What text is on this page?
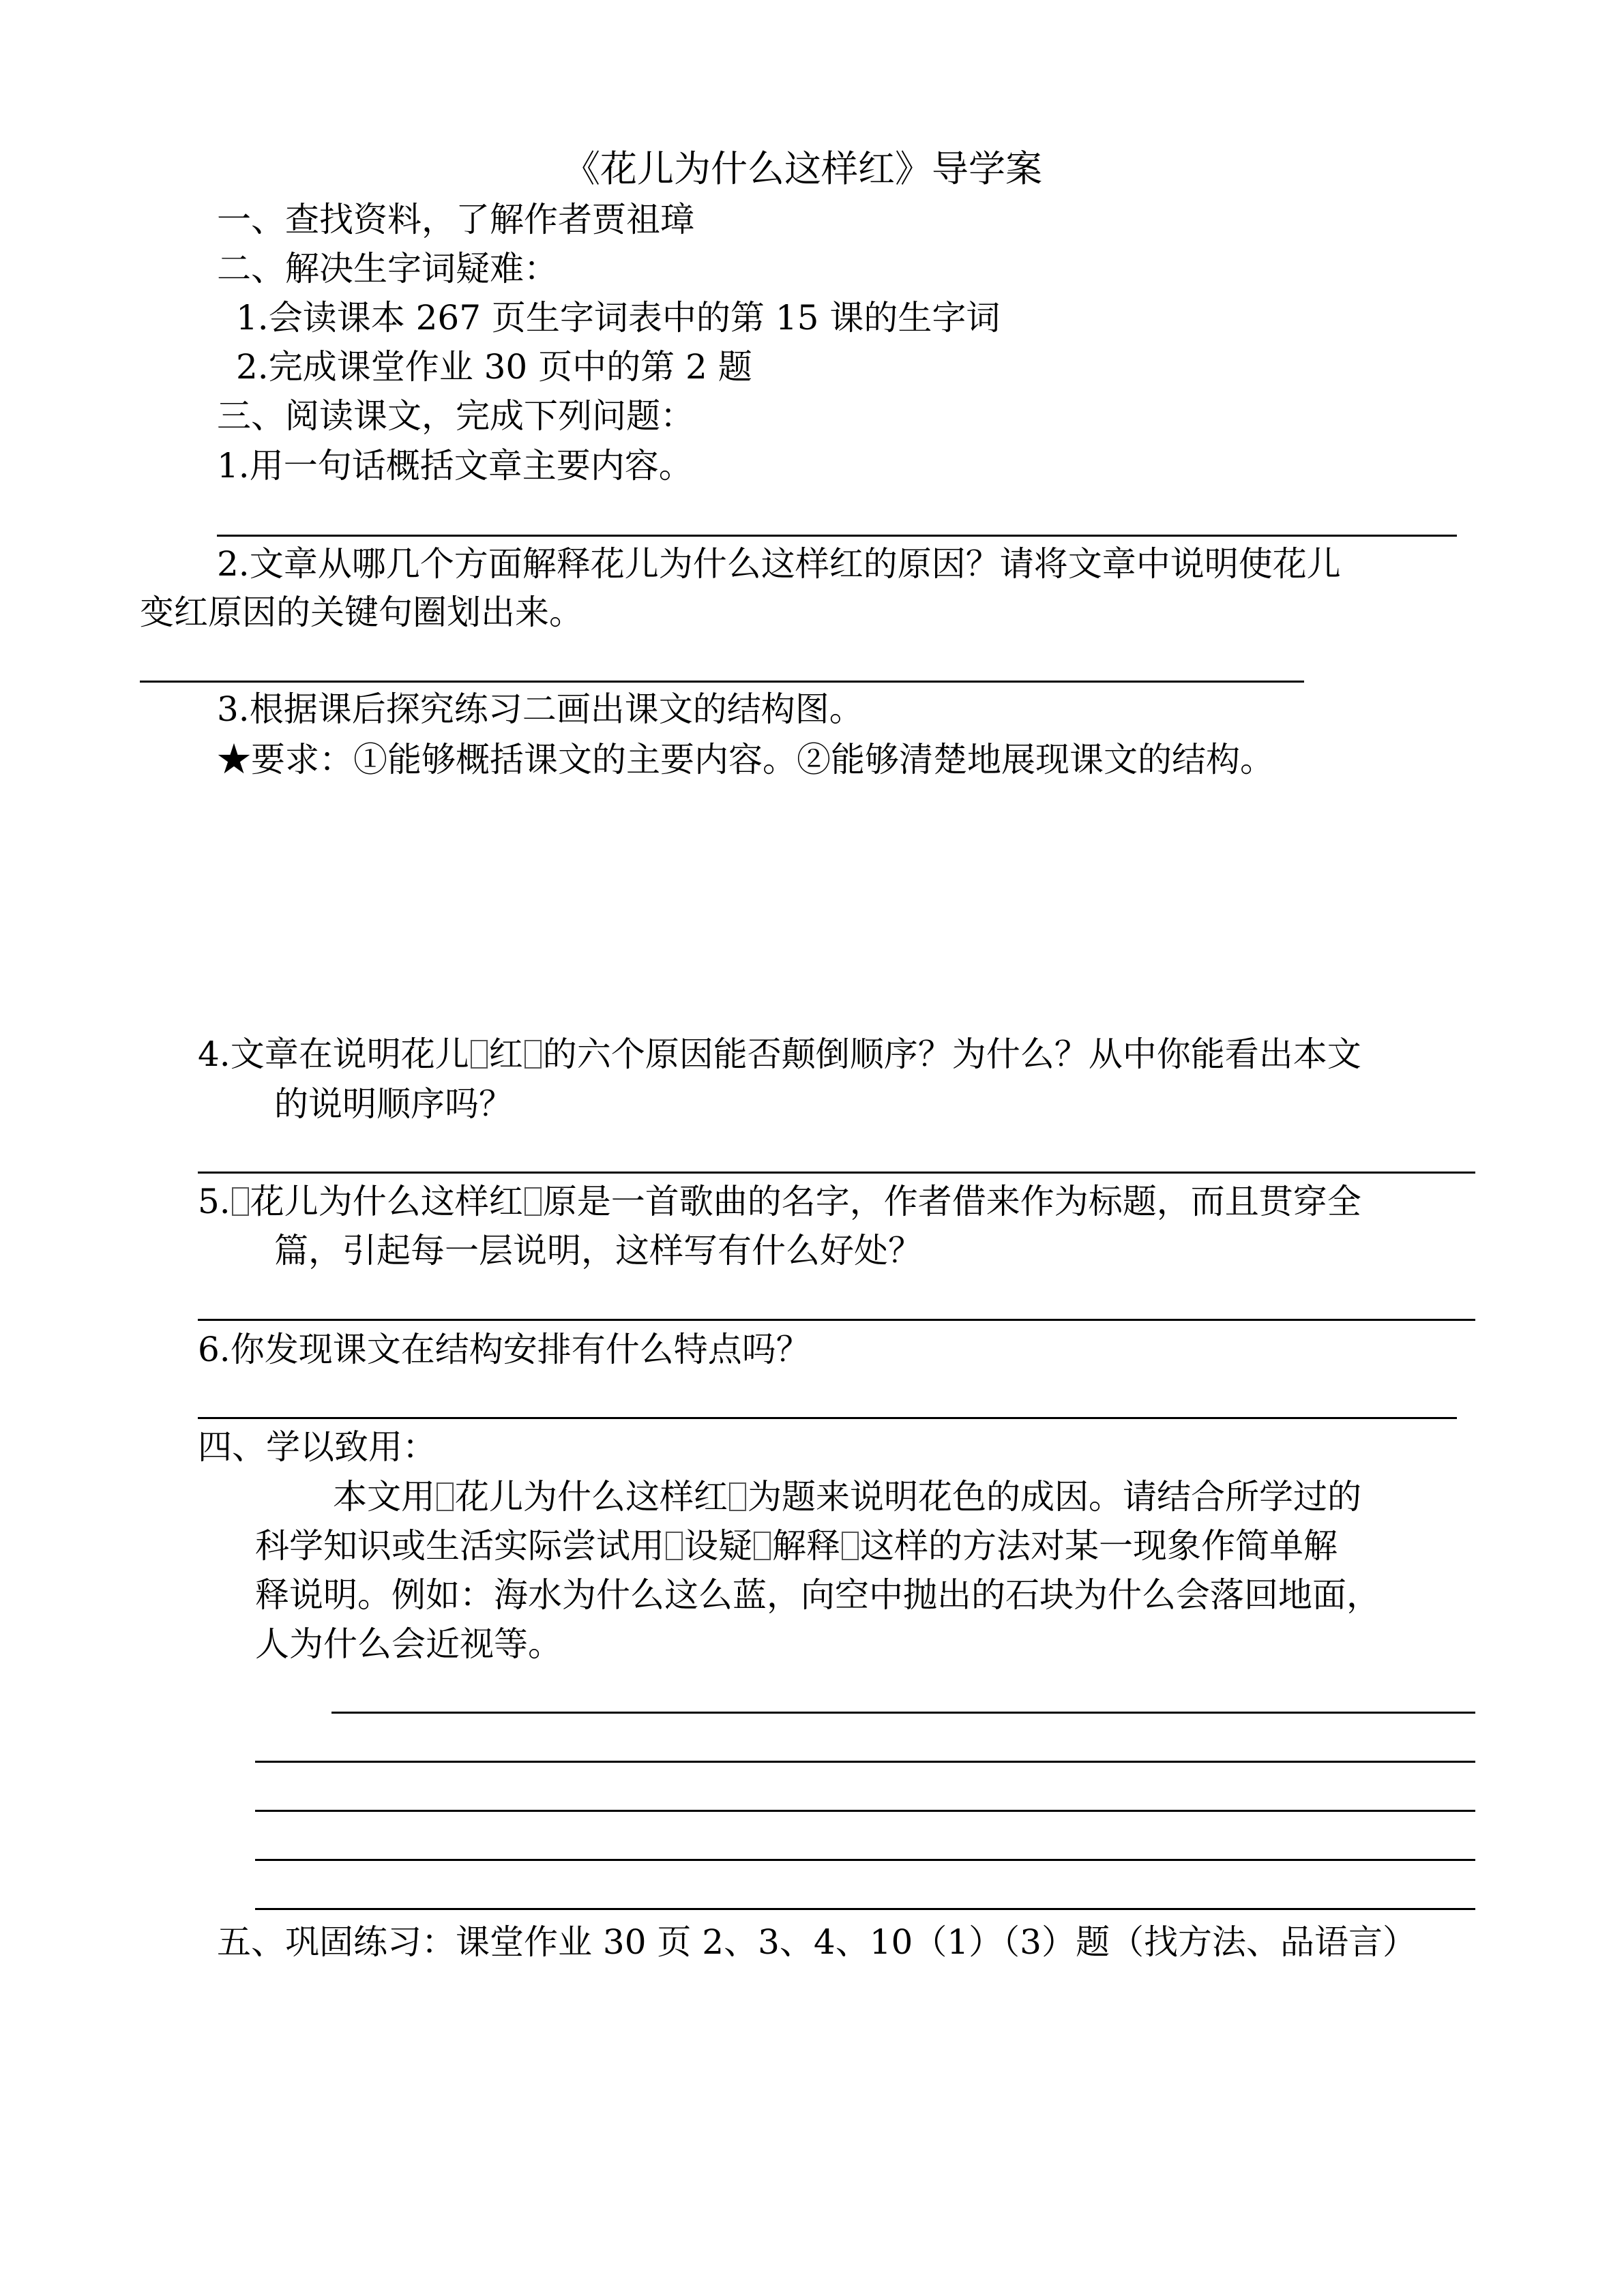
《花儿为什么这样红》导学案
一、查找资料，了解作者贾祖璋
二、解决生字词疑难：
1.会读课本 267 页生字词表中的第 15 课的生字词
2.完成课堂作业 30 页中的第 2 题
三、阅读课文，完成下列问题：
1.用一句话概括文章主要内容。
2.文章从哪几个方面解释花儿为什么这样红的原因？请将文章中说明使花儿
变红原因的关键句圈划出来。
3.根据课后探究练习二画出课文的结构图。
★要求：①能够概括课文的主要内容。②能够清楚地展现课文的结构。
4.文章在说明花儿 红 的六个原因能否颠倒顺序？为什么？从中你能看出本文
的说明顺序吗？
5. 花儿为什么这样红 原是一首歌曲的名字，作者借来作为标题，而且贯穿全
篇，引起每一层说明，这样写有什么好处？
6.你发现课文在结构安排有什么特点吗？
四、学以致用：
本文用 花儿为什么这样红 为题来说明花色的成因。请结合所学过的
科学知识或生活实际尝试用 设疑 解释 这样的方法对某一现象作简单解
释说明。例如：海水为什么这么蓝，向空中抛出的石块为什么会落回地面，
人为什么会近视等。
五、巩固练习：课堂作业 30 页 2、3、4、10（1）（3）题（找方法、品语言）
